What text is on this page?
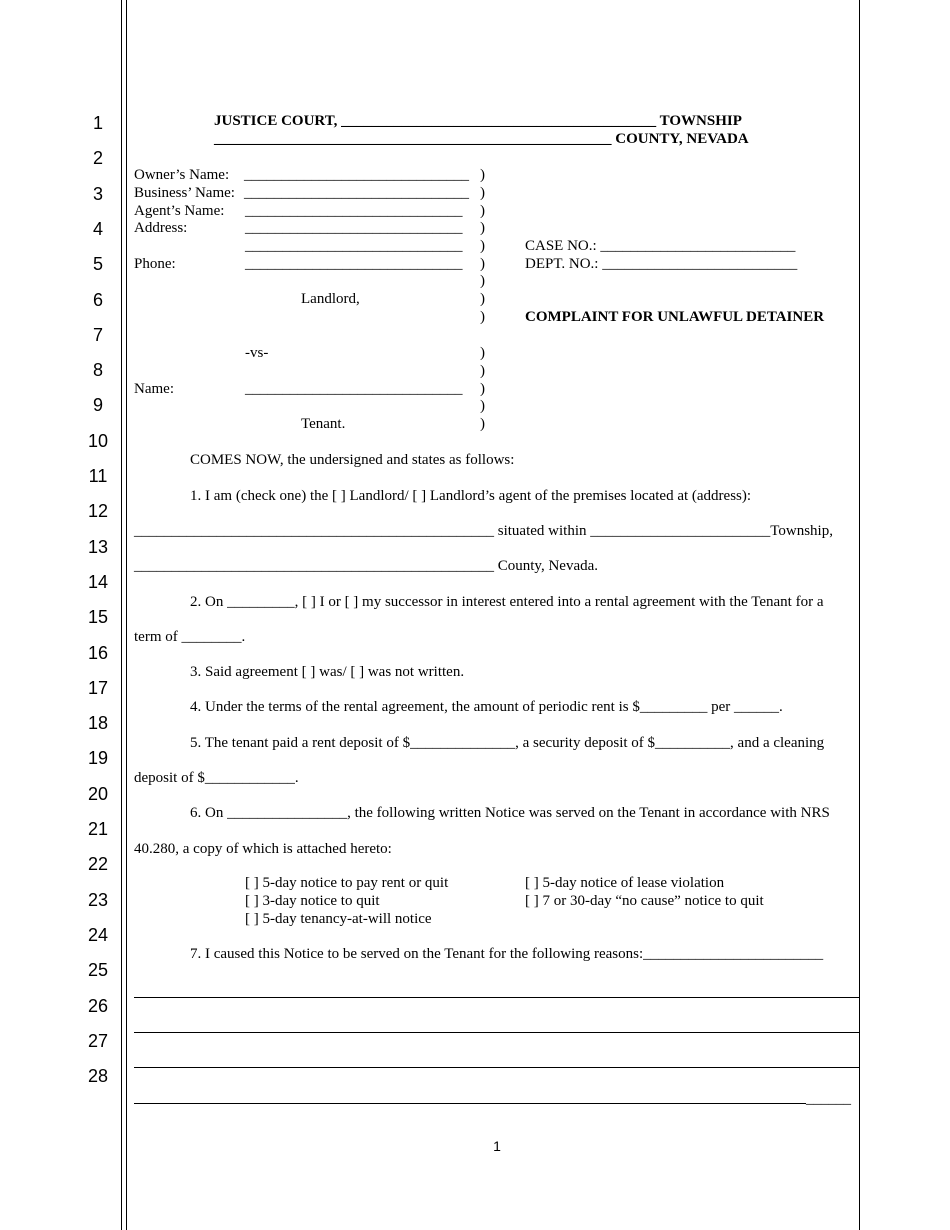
1
2
3
4
5
6
7
8
9
10
11
12
13
14
15
16
17
18
19
20
21
22
23
24
25
26
27
28
JUSTICE COURT, __________________________________________ TOWNSHIP
_____________________________________________________ COUNTY, NEVADA
Owner’s Name:
Business’ Name:
Agent’s Name:
Address:
Phone:
______________________________
______________________________
_____________________________
_____________________________
_____________________________
_____________________________
Landlord,
-vs-
Name:	_____________________________
Tenant.
)
)
)
)
)
)
)
)
)
)
)
)
)
)
CASE NO.: __________________________
DEPT. NO.: __________________________
COMPLAINT FOR UNLAWFUL DETAINER
COMES NOW, the undersigned and states as follows:
1. I am (check one) the [ ] Landlord/ [ ] Landlord’s agent of the premises located at (address):
________________________________________________ situated within ________________________Township,
________________________________________________ County, Nevada.
2. On _________, [ ] I or [ ] my successor in interest entered into a rental agreement with the Tenant for a
term of ________.
3. Said agreement [ ] was/ [ ] was not written.
4. Under the terms of the rental agreement, the amount of periodic rent is $_________ per ______.
5. The tenant paid a rent deposit of $______________, a security deposit of $__________, and a cleaning
deposit of $____________.
6. On ________________, the following written Notice was served on the Tenant in accordance with NRS
40.280, a copy of which is attached hereto:
[ ] 5-day notice to pay rent or quit
[ ] 3-day notice to quit
[ ] 5-day tenancy-at-will notice
[ ] 5-day notice of lease violation
[ ] 7 or 30-day “no cause” notice to quit
7. I caused this Notice to be served on the Tenant for the following reasons:________________________
______
1
